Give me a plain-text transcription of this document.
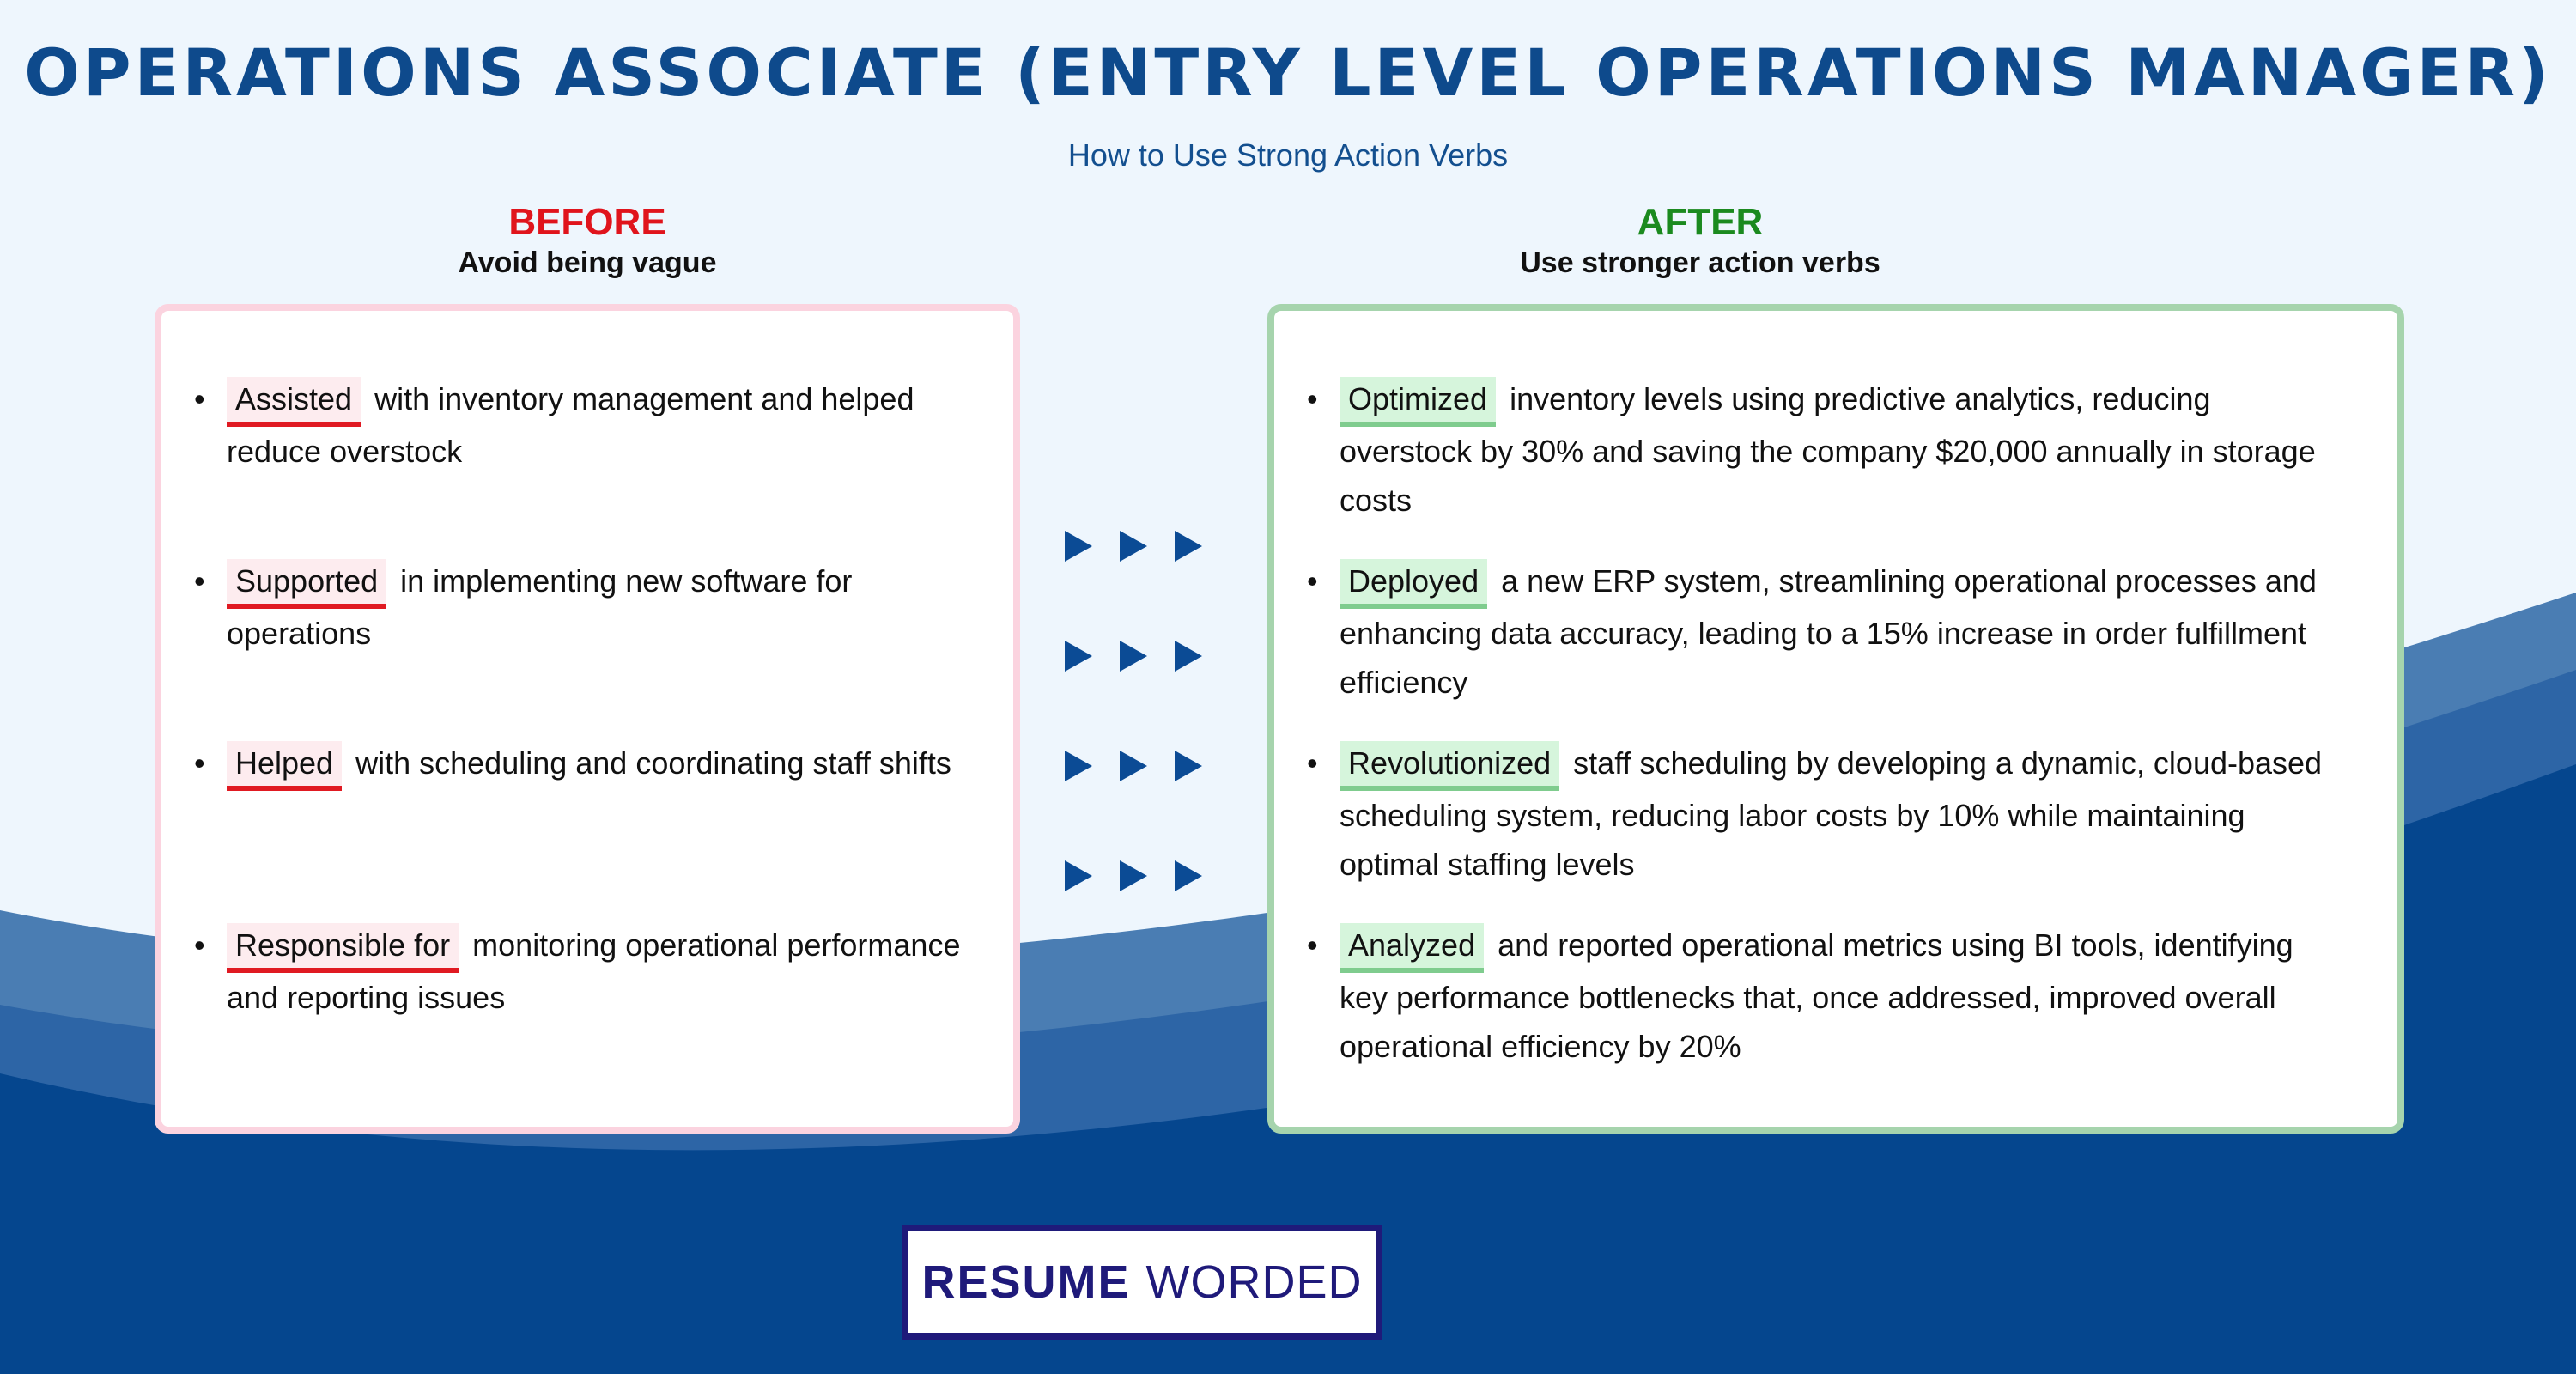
OPERATIONS ASSOCIATE (ENTRY LEVEL OPERATIONS MANAGER)
How to Use Strong Action Verbs
BEFORE
Avoid being vague
AFTER
Use stronger action verbs
• Assisted with inventory management and helped reduce overstock
• Supported in implementing new software for operations
• Helped with scheduling and coordinating staff shifts
• Responsible for monitoring operational performance and reporting issues
• Optimized inventory levels using predictive analytics, reducing overstock by 30% and saving the company $20,000 annually in storage costs
• Deployed a new ERP system, streamlining operational processes and enhancing data accuracy, leading to a 15% increase in order fulfillment efficiency
• Revolutionized staff scheduling by developing a dynamic, cloud-based scheduling system, reducing labor costs by 10% while maintaining optimal staffing levels
• Analyzed and reported operational metrics using BI tools, identifying key performance bottlenecks that, once addressed, improved overall operational efficiency by 20%
RESUME WORDED
